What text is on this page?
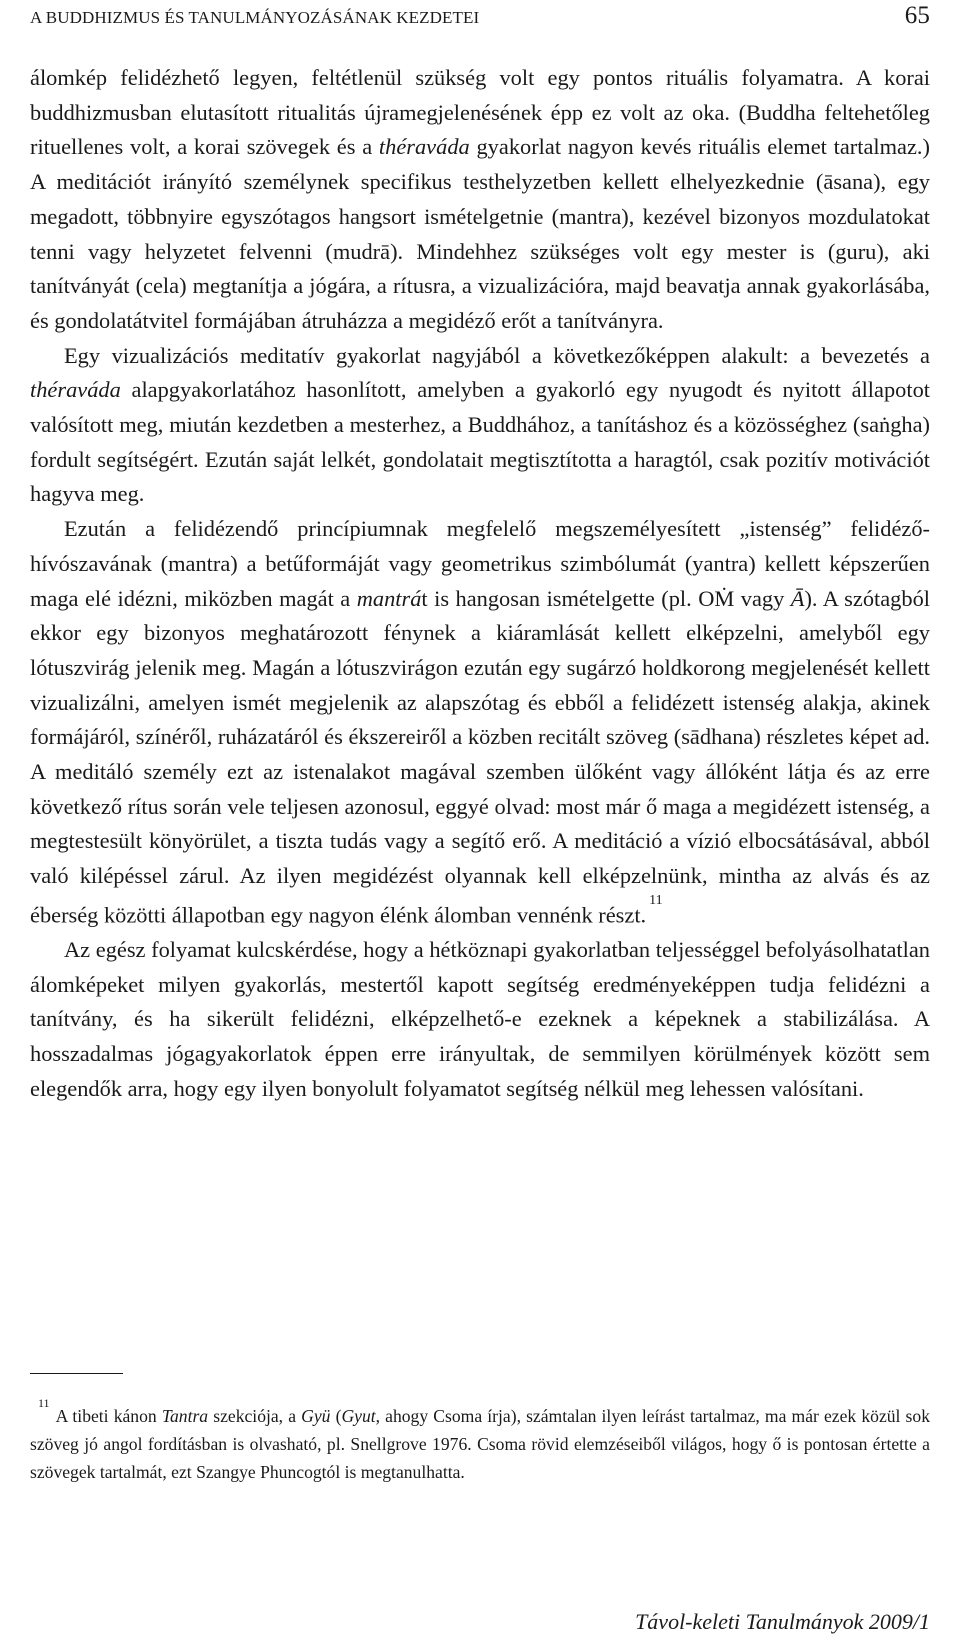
A BUDDHIZMUS ÉS TANULMÁNYOZÁSÁNAK KEZDETEI	65

álomkép felidézhető legyen, feltétlenül szükség volt egy pontos rituális folyamatra. A korai buddhizmusban elutasított ritualitás újramegjelenésének épp ez volt az oka. (Buddha feltehetőleg rituellenes volt, a korai szövegek és a théraváda gyakorlat nagyon kevés rituális elemet tartalmaz.) A meditációt irányító személynek specifikus testhelyzetben kellett elhelyezkednie (āsana), egy megadott, többnyire egyszótagos hangsort ismételgetnie (mantra), kezével bizonyos mozdulatokat tenni vagy helyzetet felvenni (mudrā). Mindehhez szükséges volt egy mester is (guru), aki tanítványát (cela) megtanítja a jógára, a rítusra, a vizualizációra, majd beavatja annak gyakorlásába, és gondolatátvitel formájában átruházza a megidéző erőt a tanítványra.

Egy vizualizációs meditatív gyakorlat nagyjából a következőképpen alakult: a bevezetés a théraváda alapgyakorlatához hasonlított, amelyben a gyakorló egy nyugodt és nyitott állapotot valósított meg, miután kezdetben a mesterhez, a Buddhához, a tanításhoz és a közösséghez (saṅgha) fordult segítségért. Ezután saját lelkét, gondolatait megtisztította a haragtól, csak pozitív motivációt hagyva meg.

Ezután a felidézendő princípiumnak megfelelő megszemélyesített „istenség” felidéző-hívószavának (mantra) a betűformáját vagy geometrikus szimbólumát (yantra) kellett képszerűen maga elé idézni, miközben magát a mantrát is hangosan ismételgette (pl. OṀ vagy Ā). A szótagból ekkor egy bizonyos meghatározott fénynek a kiáramlását kellett elképzelni, amelyből egy lótuszvirág jelenik meg. Magán a lótuszvirágon ezután egy sugárzó holdkorong megjelenését kellett vizualizálni, amelyen ismét megjelenik az alapszótag és ebből a felidézett istenség alakja, akinek formájáról, színéről, ruházatáról és ékszereiről a közben recitált szöveg (sādhana) részletes képet ad. A meditáló személy ezt az istenalakot magával szemben ülőként vagy állóként látja és az erre következő rítus során vele teljesen azonosul, eggyé olvad: most már ő maga a megidézett istenség, a megtestesült könyörület, a tiszta tudás vagy a segítő erő. A meditáció a vízió elbocsátásával, abból való kilépéssel zárul. Az ilyen megidézést olyannak kell elképzelnünk, mintha az alvás és az éberség közötti állapotban egy nagyon élénk álomban vennénk részt.$^{11}$

Az egész folyamat kulcskérdése, hogy a hétköznapi gyakorlatban teljességgel befolyásolhatatlan álomképeket milyen gyakorlás, mestertől kapott segítség eredményeképpen tudja felidézni a tanítvány, és ha sikerült felidézni, elképzelhető-e ezeknek a képeknek a stabilizálása. A hosszadalmas jógagyakorlatok éppen erre irányultak, de semmilyen körülmények között sem elegendők arra, hogy egy ilyen bonyolult folyamatot segítség nélkül meg lehessen valósítani.

$^{11}$A tibeti kánon Tantra szekciója, a Gyü (Gyut, ahogy Csoma írja), számtalan ilyen leírást tartalmaz, ma már ezek közül sok szöveg jó angol fordításban is olvasható, pl. Snellgrove 1976. Csoma rövid elemzéseiből világos, hogy ő is pontosan értette a szövegek tartalmát, ezt Szangye Phuncogtól is megtanulhatta.
Távol-keleti Tanulmányok 2009/1
